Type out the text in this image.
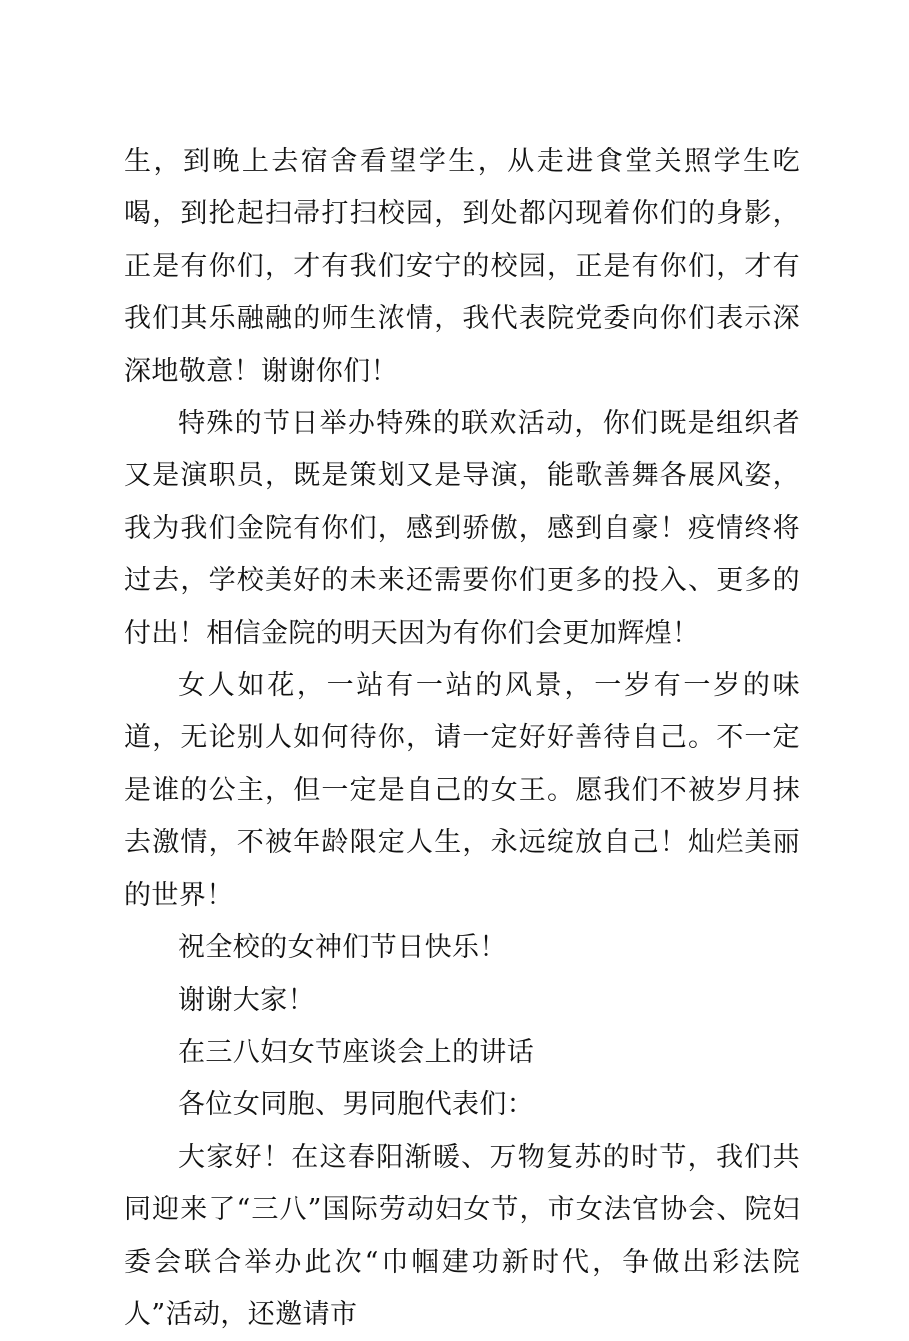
生，到晚上去宿舍看望学生，从走进食堂关照学生吃喝，到抡起扫帚打扫校园，到处都闪现着你们的身影，正是有你们，才有我们安宁的校园，正是有你们，才有我们其乐融融的师生浓情，我代表院党委向你们表示深深地敬意！谢谢你们！

特殊的节日举办特殊的联欢活动，你们既是组织者又是演职员，既是策划又是导演，能歌善舞各展风姿，我为我们金院有你们，感到骄傲，感到自豪！疫情终将过去，学校美好的未来还需要你们更多的投入、更多的付出！相信金院的明天因为有你们会更加辉煌！

女人如花，一站有一站的风景，一岁有一岁的味道，无论别人如何待你，请一定好好善待自己。不一定是谁的公主，但一定是自己的女王。愿我们不被岁月抹去激情，不被年龄限定人生，永远绽放自己！灿烂美丽的世界！

祝全校的女神们节日快乐！

谢谢大家！

在三八妇女节座谈会上的讲话

各位女同胞、男同胞代表们：

大家好！在这春阳渐暖、万物复苏的时节，我们共同迎来了“三八”国际劳动妇女节，市女法官协会、院妇委会联合举办此次“巾帼建功新时代，争做出彩法院人”活动，还邀请市
